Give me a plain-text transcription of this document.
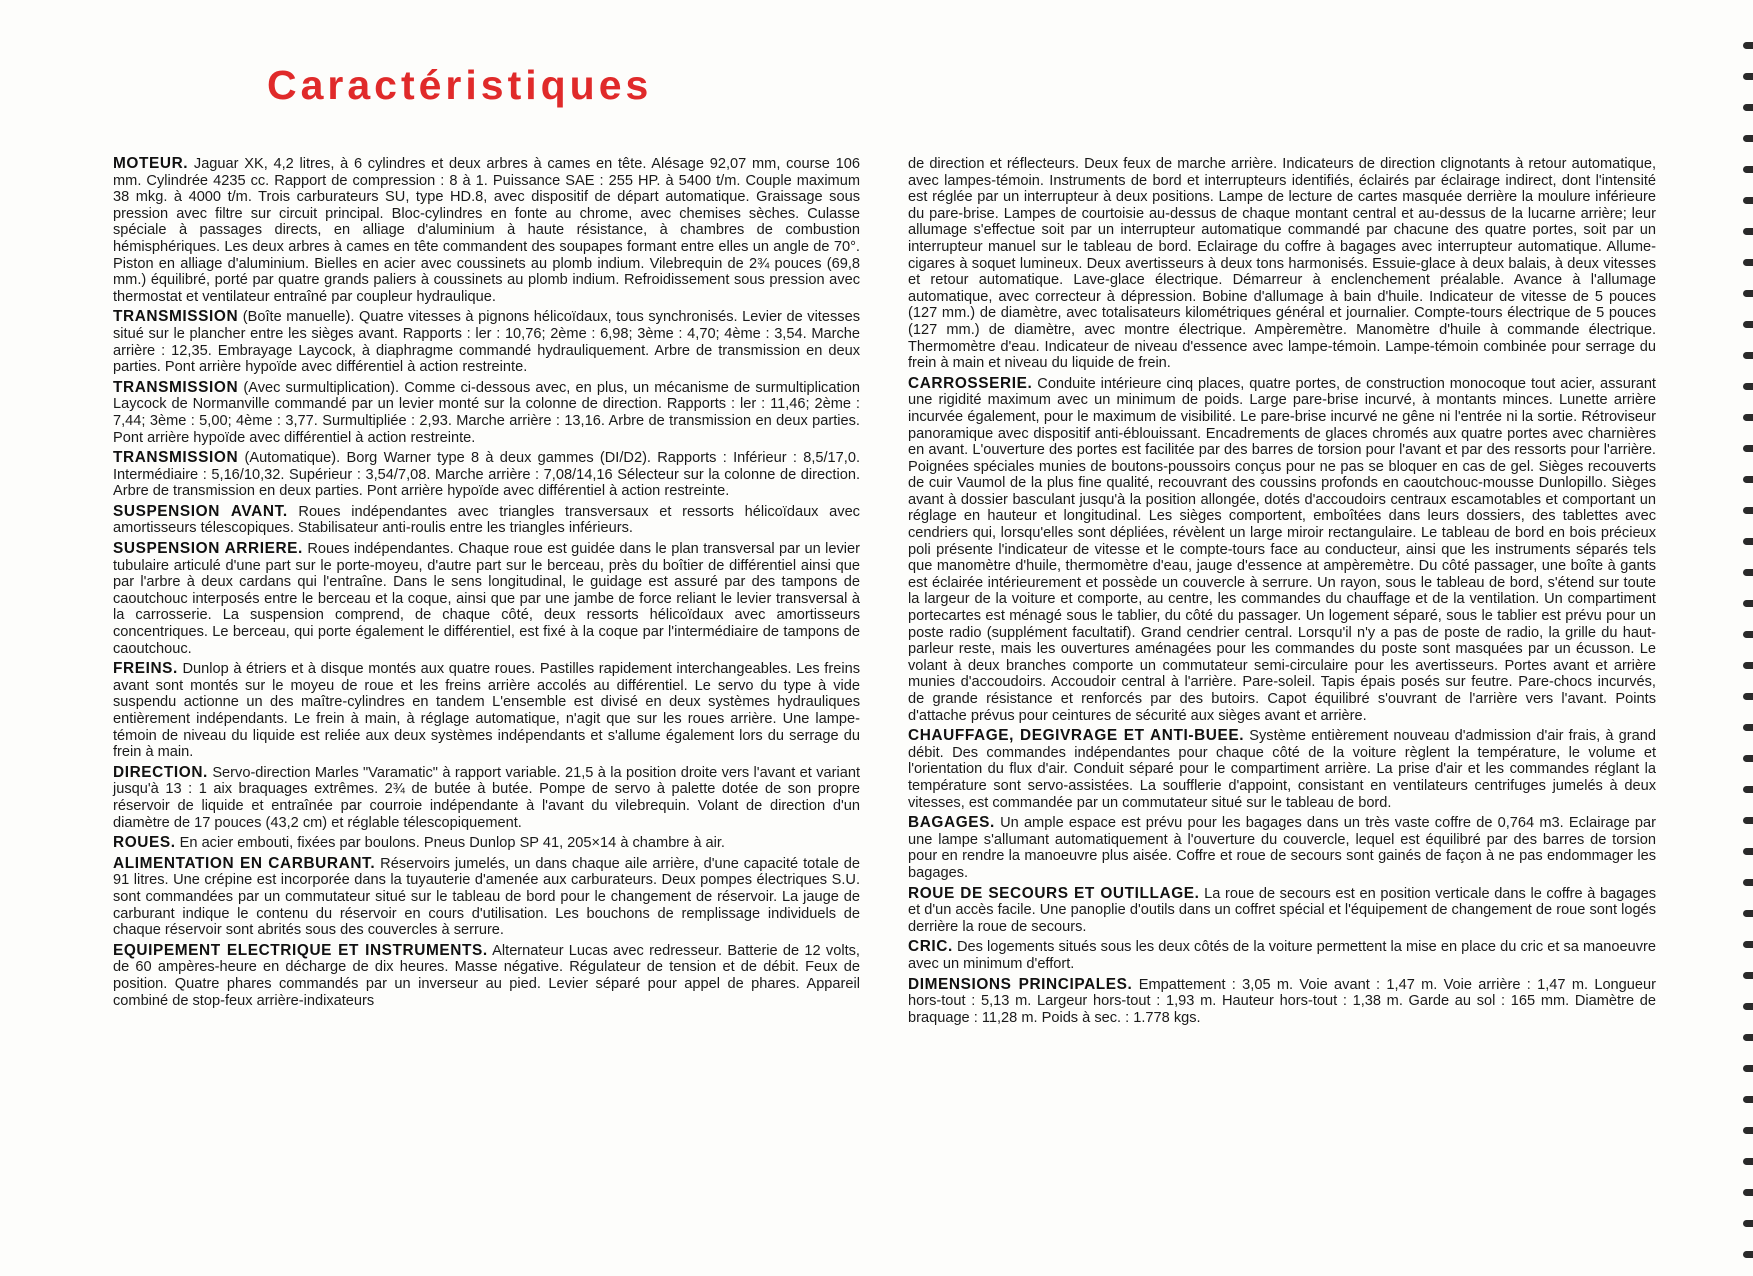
Caractéristiques

MOTEUR. Jaguar XK, 4,2 litres, à 6 cylindres et deux arbres à cames en tête. Alésage 92,07 mm, course 106 mm. Cylindrée 4235 cc. Rapport de compression : 8 à 1. Puissance SAE : 255 HP. à 5400 t/m. Couple maximum 38 mkg. à 4000 t/m. Trois carburateurs SU, type HD.8, avec dispositif de départ automatique. Graissage sous pression avec filtre sur circuit principal. Bloc-cylindres en fonte au chrome, avec chemises sèches. Culasse spéciale à passages directs, en alliage d'aluminium à haute résistance, à chambres de combustion hémisphériques. Les deux arbres à cames en tête commandent des soupapes formant entre elles un angle de 70°. Piston en alliage d'aluminium. Bielles en acier avec coussinets au plomb indium. Vilebrequin de 2¾ pouces (69,8 mm.) équilibré, porté par quatre grands paliers à coussinets au plomb indium. Refroidissement sous pression avec thermostat et ventilateur entraîné par coupleur hydraulique.

TRANSMISSION (Boîte manuelle). Quatre vitesses à pignons hélicoïdaux, tous synchronisés. Levier de vitesses situé sur le plancher entre les sièges avant. Rapports : ler : 10,76; 2ème : 6,98; 3ème : 4,70; 4ème : 3,54. Marche arrière : 12,35. Embrayage Laycock, à diaphragme commandé hydrauliquement. Arbre de transmission en deux parties. Pont arrière hypoïde avec différentiel à action restreinte.

TRANSMISSION (Avec surmultiplication). Comme ci-dessous avec, en plus, un mécanisme de surmultiplication Laycock de Normanville commandé par un levier monté sur la colonne de direction. Rapports : ler : 11,46; 2ème : 7,44; 3ème : 5,00; 4ème : 3,77. Surmultipliée : 2,93. Marche arrière : 13,16. Arbre de transmission en deux parties. Pont arrière hypoïde avec différentiel à action restreinte.

TRANSMISSION (Automatique). Borg Warner type 8 à deux gammes (DI/D2). Rapports : Inférieur : 8,5/17,0. Intermédiaire : 5,16/10,32. Supérieur : 3,54/7,08. Marche arrière : 7,08/14,16 Sélecteur sur la colonne de direction. Arbre de transmission en deux parties. Pont arrière hypoïde avec différentiel à action restreinte.

SUSPENSION AVANT. Roues indépendantes avec triangles transversaux et ressorts hélicoïdaux avec amortisseurs télescopiques. Stabilisateur anti-roulis entre les triangles inférieurs.

SUSPENSION ARRIERE. Roues indépendantes. Chaque roue est guidée dans le plan transversal par un levier tubulaire articulé d'une part sur le porte-moyeu, d'autre part sur le berceau, près du boîtier de différentiel ainsi que par l'arbre à deux cardans qui l'entraîne. Dans le sens longitudinal, le guidage est assuré par des tampons de caoutchouc interposés entre le berceau et la coque, ainsi que par une jambe de force reliant le levier transversal à la carrosserie. La suspension comprend, de chaque côté, deux ressorts hélicoïdaux avec amortisseurs concentriques. Le berceau, qui porte également le différentiel, est fixé à la coque par l'intermédiaire de tampons de caoutchouc.

FREINS. Dunlop à étriers et à disque montés aux quatre roues. Pastilles rapidement interchangeables. Les freins avant sont montés sur le moyeu de roue et les freins arrière accolés au différentiel. Le servo du type à vide suspendu actionne un des maître-cylindres en tandem L'ensemble est divisé en deux systèmes hydrauliques entièrement indépendants. Le frein à main, à réglage automatique, n'agit que sur les roues arrière. Une lampe-témoin de niveau du liquide est reliée aux deux systèmes indépendants et s'allume également lors du serrage du frein à main.

DIRECTION. Servo-direction Marles "Varamatic" à rapport variable. 21,5 à la position droite vers l'avant et variant jusqu'à 13 : 1 aix braquages extrêmes. 2¾ de butée à butée. Pompe de servo à palette dotée de son propre réservoir de liquide et entraînée par courroie indépendante à l'avant du vilebrequin. Volant de direction d'un diamètre de 17 pouces (43,2 cm) et réglable télescopiquement.

ROUES. En acier embouti, fixées par boulons. Pneus Dunlop SP 41, 205×14 à chambre à air.

ALIMENTATION EN CARBURANT. Réservoirs jumelés, un dans chaque aile arrière, d'une capacité totale de 91 litres. Une crépine est incorporée dans la tuyauterie d'amenée aux carburateurs. Deux pompes électriques S.U. sont commandées par un commutateur situé sur le tableau de bord pour le changement de réservoir. La jauge de carburant indique le contenu du réservoir en cours d'utilisation. Les bouchons de remplissage individuels de chaque réservoir sont abrités sous des couvercles à serrure.

EQUIPEMENT ELECTRIQUE ET INSTRUMENTS. Alternateur Lucas avec redresseur. Batterie de 12 volts, de 60 ampères-heure en décharge de dix heures. Masse négative. Régulateur de tension et de débit. Feux de position. Quatre phares commandés par un inverseur au pied. Levier séparé pour appel de phares. Appareil combiné de stop-feux arrière-indixateurs

de direction et réflecteurs. Deux feux de marche arrière. Indicateurs de direction clignotants à retour automatique, avec lampes-témoin. Instruments de bord et interrupteurs identifiés, éclairés par éclairage indirect, dont l'intensité est réglée par un interrupteur à deux positions. Lampe de lecture de cartes masquée derrière la moulure inférieure du pare-brise. Lampes de courtoisie au-dessus de chaque montant central et au-dessus de la lucarne arrière; leur allumage s'effectue soit par un interrupteur automatique commandé par chacune des quatre portes, soit par un interrupteur manuel sur le tableau de bord. Eclairage du coffre à bagages avec interrupteur automatique. Allume-cigares à soquet lumineux. Deux avertisseurs à deux tons harmonisés. Essuie-glace à deux balais, à deux vitesses et retour automatique. Lave-glace électrique. Démarreur à enclenchement préalable. Avance à l'allumage automatique, avec correcteur à dépression. Bobine d'allumage à bain d'huile. Indicateur de vitesse de 5 pouces (127 mm.) de diamètre, avec totalisateurs kilométriques général et journalier. Compte-tours électrique de 5 pouces (127 mm.) de diamètre, avec montre électrique. Ampèremètre. Manomètre d'huile à commande électrique. Thermomètre d'eau. Indicateur de niveau d'essence avec lampe-témoin. Lampe-témoin combinée pour serrage du frein à main et niveau du liquide de frein.

CARROSSERIE. Conduite intérieure cinq places, quatre portes, de construction monocoque tout acier, assurant une rigidité maximum avec un minimum de poids. Large pare-brise incurvé, à montants minces. Lunette arrière incurvée également, pour le maximum de visibilité. Le pare-brise incurvé ne gêne ni l'entrée ni la sortie. Rétroviseur panoramique avec dispositif anti-éblouissant. Encadrements de glaces chromés aux quatre portes avec charnières en avant. L'ouverture des portes est facilitée par des barres de torsion pour l'avant et par des ressorts pour l'arrière. Poignées spéciales munies de boutons-poussoirs conçus pour ne pas se bloquer en cas de gel. Sièges recouverts de cuir Vaumol de la plus fine qualité, recouvrant des coussins profonds en caoutchouc-mousse Dunlopillo. Sièges avant à dossier basculant jusqu'à la position allongée, dotés d'accoudoirs centraux escamotables et comportant un réglage en hauteur et longitudinal. Les sièges comportent, emboîtées dans leurs dossiers, des tablettes avec cendriers qui, lorsqu'elles sont dépliées, révèlent un large miroir rectangulaire. Le tableau de bord en bois précieux poli présente l'indicateur de vitesse et le compte-tours face au conducteur, ainsi que les instruments séparés tels que manomètre d'huile, thermomètre d'eau, jauge d'essence at ampèremètre. Du côté passager, une boîte à gants est éclairée intérieurement et possède un couvercle à serrure. Un rayon, sous le tableau de bord, s'étend sur toute la largeur de la voiture et comporte, au centre, les commandes du chauffage et de la ventilation. Un compartiment portecartes est ménagé sous le tablier, du côté du passager. Un logement séparé, sous le tablier est prévu pour un poste radio (supplément facultatif). Grand cendrier central. Lorsqu'il n'y a pas de poste de radio, la grille du haut-parleur reste, mais les ouvertures aménagées pour les commandes du poste sont masquées par un écusson. Le volant à deux branches comporte un commutateur semi-circulaire pour les avertisseurs. Portes avant et arrière munies d'accoudoirs. Accoudoir central à l'arrière. Pare-soleil. Tapis épais posés sur feutre. Pare-chocs incurvés, de grande résistance et renforcés par des butoirs. Capot équilibré s'ouvrant de l'arrière vers l'avant. Points d'attache prévus pour ceintures de sécurité aux sièges avant et arrière.

CHAUFFAGE, DEGIVRAGE ET ANTI-BUEE. Système entièrement nouveau d'admission d'air frais, à grand débit. Des commandes indépendantes pour chaque côté de la voiture règlent la température, le volume et l'orientation du flux d'air. Conduit séparé pour le compartiment arrière. La prise d'air et les commandes réglant la température sont servo-assistées. La soufflerie d'appoint, consistant en ventilateurs centrifuges jumelés à deux vitesses, est commandée par un commutateur situé sur le tableau de bord.

BAGAGES. Un ample espace est prévu pour les bagages dans un très vaste coffre de 0,764 m3. Eclairage par une lampe s'allumant automatiquement à l'ouverture du couvercle, lequel est équilibré par des barres de torsion pour en rendre la manoeuvre plus aisée. Coffre et roue de secours sont gainés de façon à ne pas endommager les bagages.

ROUE DE SECOURS ET OUTILLAGE. La roue de secours est en position verticale dans le coffre à bagages et d'un accès facile. Une panoplie d'outils dans un coffret spécial et l'équipement de changement de roue sont logés derrière la roue de secours.

CRIC. Des logements situés sous les deux côtés de la voiture permettent la mise en place du cric et sa manoeuvre avec un minimum d'effort.

DIMENSIONS PRINCIPALES. Empattement : 3,05 m. Voie avant : 1,47 m. Voie arrière : 1,47 m. Longueur hors-tout : 5,13 m. Largeur hors-tout : 1,93 m. Hauteur hors-tout : 1,38 m. Garde au sol : 165 mm. Diamètre de braquage : 11,28 m. Poids à sec. : 1.778 kgs.
